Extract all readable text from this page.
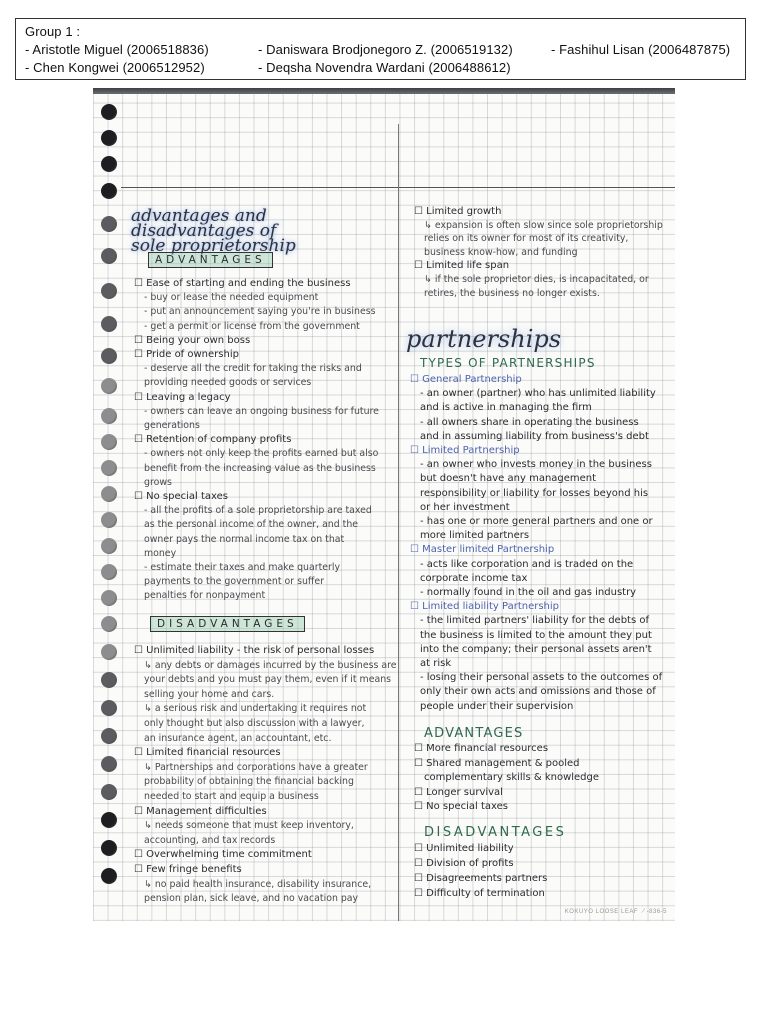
Group 1 :
- Aristotle Miguel (2006518836)	- Daniswara Brodjonegoro Z. (2006519132)	- Fashihul Lisan (2006487875)
- Chen Kongwei (2006512952)	- Deqsha Novendra Wardani (2006488612)
advantages and
disadvantages of
sole proprietorship
ADVANTAGES
☐ Ease of starting and ending the business
- buy or lease the needed equipment
- put an announcement saying you're in business
- get a permit or license from the government
☐ Being your own boss
☐ Pride of ownership
- deserve all the credit for taking the risks and
providing needed goods or services
☐ Leaving a legacy
- owners can leave an ongoing business for future
generations
☐ Retention of company profits
- owners not only keep the profits earned but also
benefit from the increasing value as the business
grows
☐ No special taxes
- all the profits of a sole proprietorship are taxed
as the personal income of the owner, and the
owner pays the normal income tax on that
money
- estimate their taxes and make quarterly
payments to the government or suffer
penalties for nonpayment
DISADVANTAGES
☐ Unlimited liability - the risk of personal losses
↳ any debts or damages incurred by the business are
your debts and you must pay them, even if it means
selling your home and cars.
↳ a serious risk and undertaking it requires not
only thought but also discussion with a lawyer,
an insurance agent, an accountant, etc.
☐ Limited financial resources
↳ Partnerships and corporations have a greater
probability of obtaining the financial backing
needed to start and equip a business
☐ Management difficulties
↳ needs someone that must keep inventory,
accounting, and tax records
☐ Overwhelming time commitment
☐ Few fringe benefits
↳ no paid health insurance, disability insurance,
pension plan, sick leave, and no vacation pay
☐ Limited growth
↳ expansion is often slow since sole proprietorship
relies on its owner for most of its creativity,
business know-how, and funding
☐ Limited life span
↳ if the sole proprietor dies, is incapacitated, or
retires, the business no longer exists.
partnerships
TYPES OF PARTNERSHIPS
☐ General Partnership
- an owner (partner) who has unlimited liability
and is active in managing the firm
- all owners share in operating the business
and in assuming liability from business's debt
☐ Limited Partnership
- an owner who invests money in the business
but doesn't have any management
responsibility or liability for losses beyond his
or her investment
- has one or more general partners and one or
more limited partners
☐ Master limited Partnership
- acts like corporation and is traded on the
corporate income tax
- normally found in the oil and gas industry
☐ Limited liability Partnership
- the limited partners' liability for the debts of
the business is limited to the amount they put
into the company; their personal assets aren't
at risk
- losing their personal assets to the outcomes of
only their own acts and omissions and those of
people under their supervision
ADVANTAGES
☐ More financial resources
☐ Shared management & pooled
complementary skills & knowledge
☐ Longer survival
☐ No special taxes
DISADVANTAGES
☐ Unlimited liability
☐ Division of profits
☐ Disagreements partners
☐ Difficulty of termination
KOKUYO LOOSE LEAF ノ-836-5
